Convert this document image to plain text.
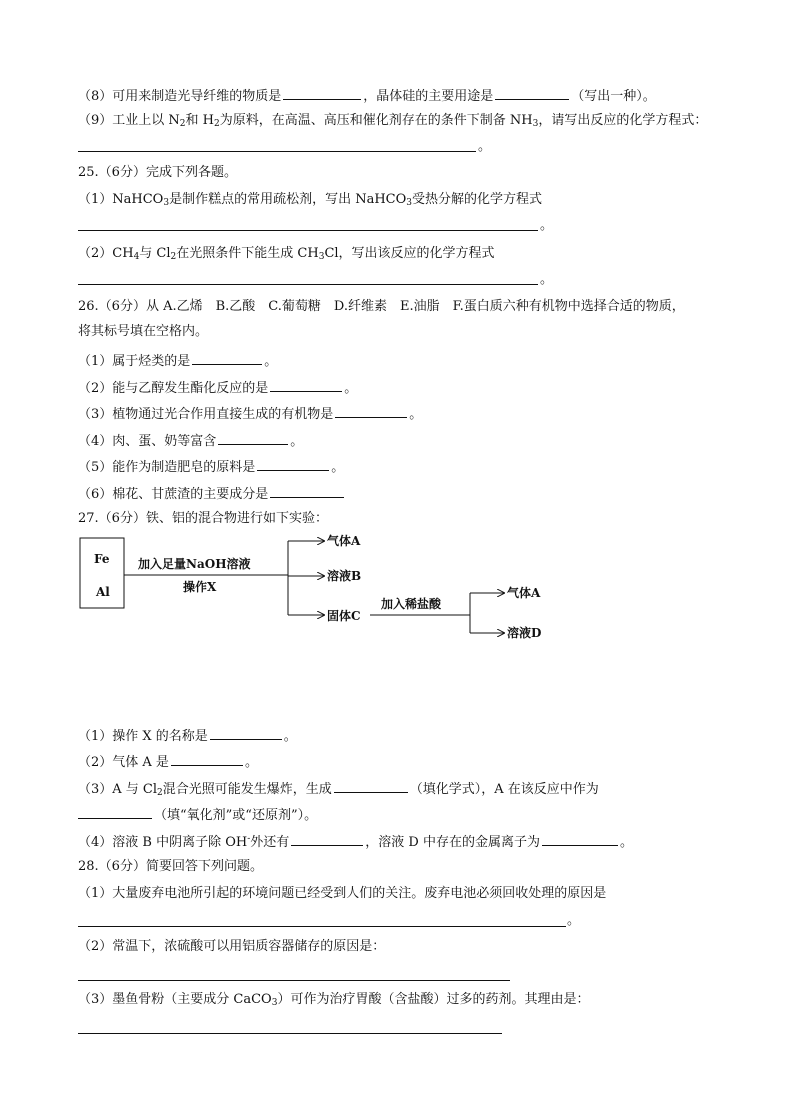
（8）可用来制造光导纤维的物质是	，晶体硅的主要用途是	（写出一种）。
（9）工业上以 $N_2$和 $H_2$为原料，在高温、高压和催化剂存在的条件下制备 $NH_3$，请写出反应的化学方程式：
。
25.（6分）完成下列各题。
（1）NaHCO$_3$是制作糕点的常用疏松剂，写出 NaHCO$_3$受热分解的化学方程式
。
$(2)CH_4$与 $Cl_2$在光照条件下能生成 $CH_3Cl$，写出该反应的化学方程式
。
26.（6分）从 A.乙烯　B.乙酸　C.葡萄糖　D.纤维素　E.油脂　F.蛋白质六种有机物中选择合适的物质，
将其标号填在空格内。
（1）属于烃类的是	。
（2）能与乙醇发生酯化反应的是	。
（3）植物通过光合作用直接生成的有机物是	。
（4）肉、蛋、奶等富含	。
（5）能作为制造肥皂的原料是	。
（6）棉花、甘蔗渣的主要成分是
27.（6分）铁、铝的混合物进行如下实验：
Fe
Al
加入足量NaOH溶液
操作X
气体A
溶液B
固体C
加入稀盐酸
气体A
溶液D
（1）操作 X 的名称是	。
（2）气体 A 是	。
（3）A 与 $Cl_2$混合光照可能发生爆炸，生成	（填化学式），A 在该反应中作为
（填“氧化剂”或“还原剂”）。
（4）溶液 B 中阴离子除 OH-外还有	，溶液 D 中存在的金属离子为	。
28.（6分）简要回答下列问题。
（1）大量废弃电池所引起的环境问题已经受到人们的关注。废弃电池必须回收处理的原因是
。
（2）常温下，浓硫酸可以用铝质容器储存的原因是：
（3）墨鱼骨粉（主要成分 CaCO$_3$）可作为治疗胃酸（含盐酸）过多的药剂。其理由是：
